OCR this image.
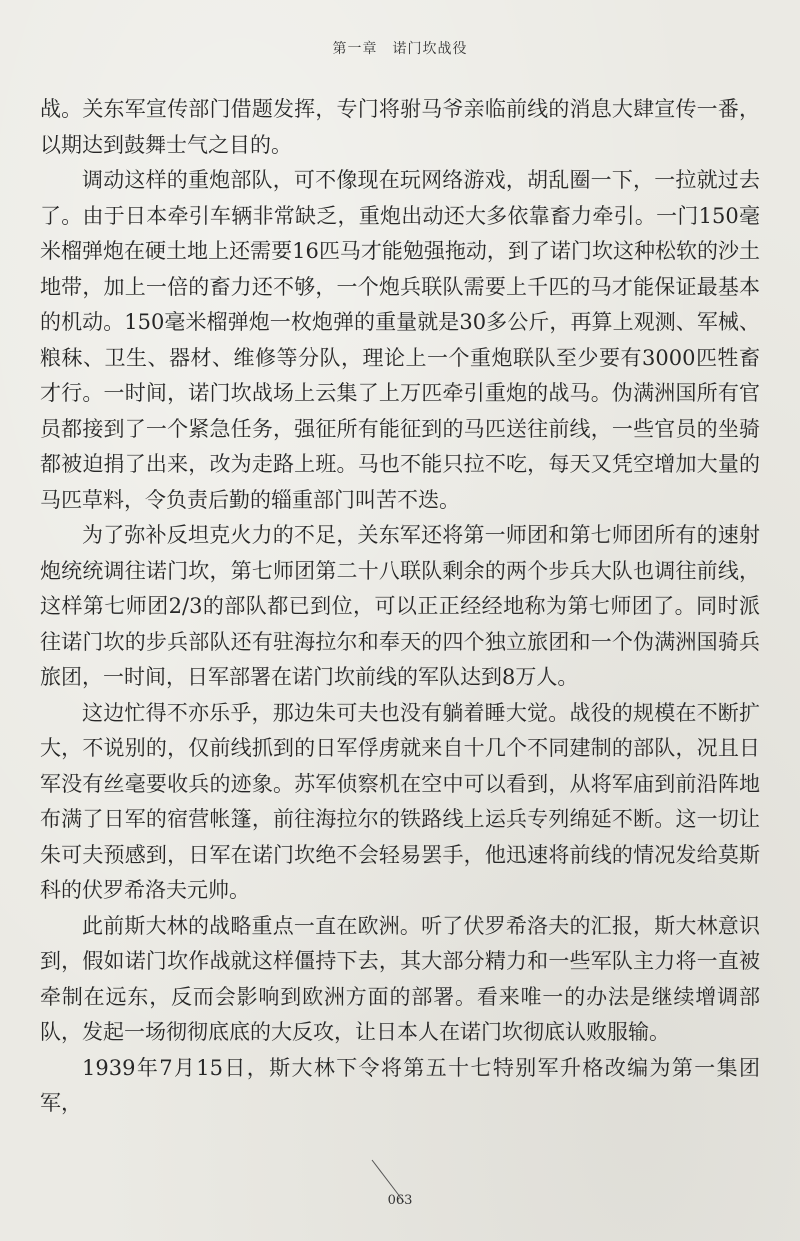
第一章　诺门坎战役

战。关东军宣传部门借题发挥，专门将驸马爷亲临前线的消息大肆宣传一番，以期达到鼓舞士气之目的。

调动这样的重炮部队，可不像现在玩网络游戏，胡乱圈一下，一拉就过去了。由于日本牵引车辆非常缺乏，重炮出动还大多依靠畜力牵引。一门150毫米榴弹炮在硬土地上还需要16匹马才能勉强拖动，到了诺门坎这种松软的沙土地带，加上一倍的畜力还不够，一个炮兵联队需要上千匹的马才能保证最基本的机动。150毫米榴弹炮一枚炮弹的重量就是30多公斤，再算上观测、军械、粮秣、卫生、器材、维修等分队，理论上一个重炮联队至少要有3000匹牲畜才行。一时间，诺门坎战场上云集了上万匹牵引重炮的战马。伪满洲国所有官员都接到了一个紧急任务，强征所有能征到的马匹送往前线，一些官员的坐骑都被迫捐了出来，改为走路上班。马也不能只拉不吃，每天又凭空增加大量的马匹草料，令负责后勤的辎重部门叫苦不迭。

为了弥补反坦克火力的不足，关东军还将第一师团和第七师团所有的速射炮统统调往诺门坎，第七师团第二十八联队剩余的两个步兵大队也调往前线，这样第七师团2/3的部队都已到位，可以正正经经地称为第七师团了。同时派往诺门坎的步兵部队还有驻海拉尔和奉天的四个独立旅团和一个伪满洲国骑兵旅团，一时间，日军部署在诺门坎前线的军队达到8万人。

这边忙得不亦乐乎，那边朱可夫也没有躺着睡大觉。战役的规模在不断扩大，不说别的，仅前线抓到的日军俘虏就来自十几个不同建制的部队，况且日军没有丝毫要收兵的迹象。苏军侦察机在空中可以看到，从将军庙到前沿阵地布满了日军的宿营帐篷，前往海拉尔的铁路线上运兵专列绵延不断。这一切让朱可夫预感到，日军在诺门坎绝不会轻易罢手，他迅速将前线的情况发给莫斯科的伏罗希洛夫元帅。

此前斯大林的战略重点一直在欧洲。听了伏罗希洛夫的汇报，斯大林意识到，假如诺门坎作战就这样僵持下去，其大部分精力和一些军队主力将一直被牵制在远东，反而会影响到欧洲方面的部署。看来唯一的办法是继续增调部队，发起一场彻彻底底的大反攻，让日本人在诺门坎彻底认败服输。

1939年7月15日，斯大林下令将第五十七特别军升格改编为第一集团军，

063
